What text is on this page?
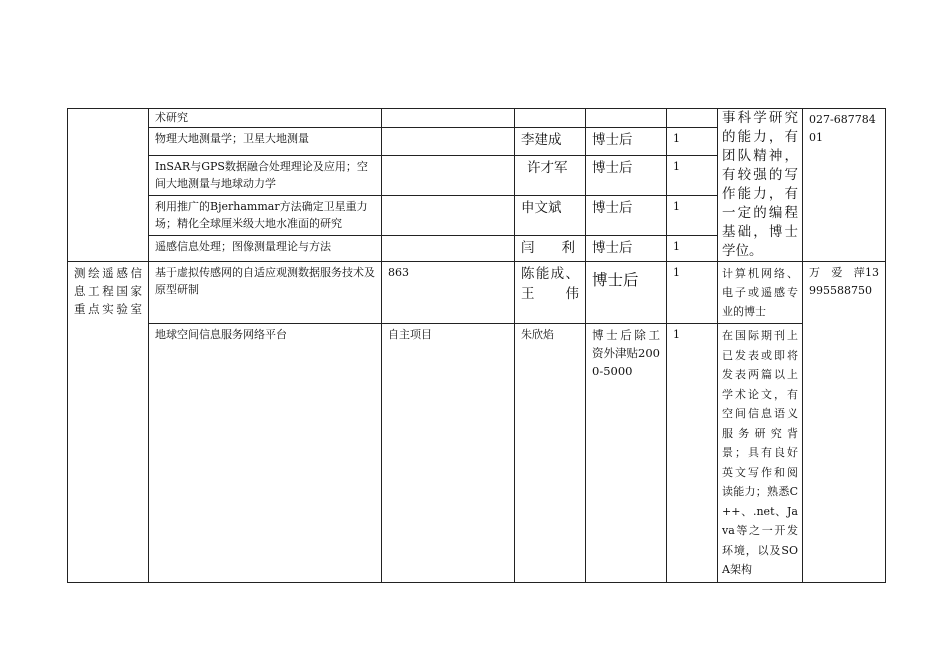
	术研究					事科学研究的能力，有团队精神，有较强的写作能力，有一定的编程基础，博士学位。	027-68778401
	物理大地测量学；卫星大地测量		李建成	博士后	1		
	InSAR与GPS数据融合处理理论及应用；空间大地测量与地球动力学		许才军	博士后	1		
	利用推广的Bjerhammar方法确定卫星重力场；精化全球厘米级大地水准面的研究		申文斌	博士后	1		
	遥感信息处理；图像测量理论与方法		闫　　利	博士后	1		
测绘遥感信息工程国家重点实验室	基于虚拟传感网的自适应观测数据服务技术及原型研制	863	陈能成、王　伟	博士后	1	计算机网络、电子或遥感专业的博士	万　爱　萍13995588750
	地球空间信息服务网络平台	自主项目	朱欣焰	博士后除工资外津贴2000-5000	1	在国际期刊上已发表或即将发表两篇以上学术论文，有空间信息语义服务研究背景；具有良好英文写作和阅读能力；熟悉C++、.net、Java等之一开发环境，以及SOA架构	
